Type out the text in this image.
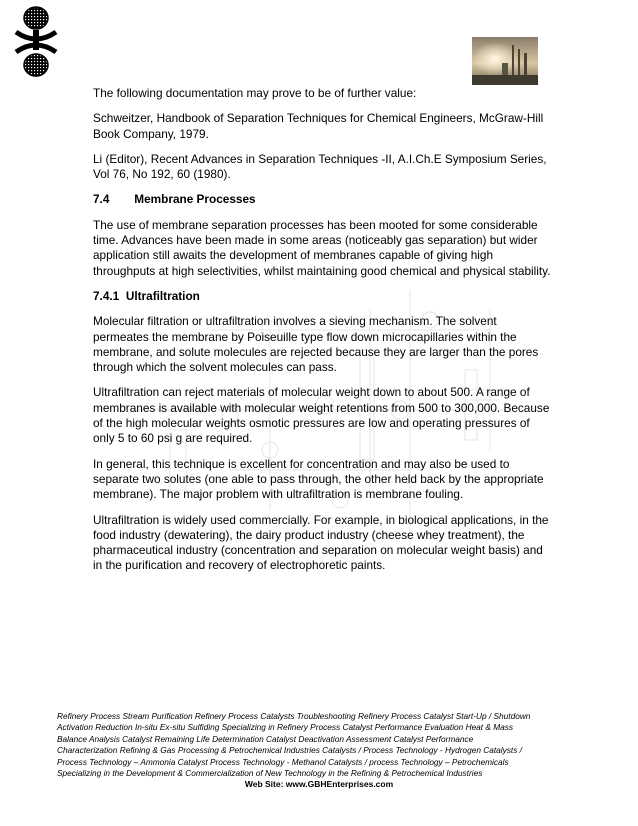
The following documentation may prove to be of further value:

Schweitzer, Handbook of Separation Techniques for Chemical Engineers, McGraw-Hill Book Company, 1979.

Li (Editor), Recent Advances in Separation Techniques -II, A.I.Ch.E Symposium Series, Vol 76, No 192, 60 (1980).

7.4 Membrane Processes

The use of membrane separation processes has been mooted for some considerable time. Advances have been made in some areas (noticeably gas separation) but wider application still awaits the development of membranes capable of giving high throughputs at high selectivities, whilst maintaining good chemical and physical stability.

7.4.1 Ultrafiltration

Molecular filtration or ultrafiltration involves a sieving mechanism. The solvent permeates the membrane by Poiseuille type flow down microcapillaries within the membrane, and solute molecules are rejected because they are larger than the pores through which the solvent molecules can pass.

Ultrafiltration can reject materials of molecular weight down to about 500. A range of membranes is available with molecular weight retentions from 500 to 300,000. Because of the high molecular weights osmotic pressures are low and operating pressures of only 5 to 60 psi g are required.

In general, this technique is excellent for concentration and may also be used to separate two solutes (one able to pass through, the other held back by the appropriate membrane). The major problem with ultrafiltration is membrane fouling.

Ultrafiltration is widely used commercially. For example, in biological applications, in the food industry (dewatering), the dairy product industry (cheese whey treatment), the pharmaceutical industry (concentration and separation on molecular weight basis) and in the purification and recovery of electrophoretic paints.

Refinery Process Stream Purification Refinery Process Catalysts Troubleshooting Refinery Process Catalyst Start-Up / Shutdown

Activation Reduction In-situ Ex-situ Sulfiding Specializing in Refinery Process Catalyst Performance Evaluation Heat & Mass

Balance Analysis Catalyst Remaining Life Determination Catalyst Deactivation Assessment Catalyst Performance

Characterization Refining & Gas Processing & Petrochemical Industries Catalysts / Process Technology - Hydrogen Catalysts /

Process Technology – Ammonia Catalyst Process Technology - Methanol Catalysts / process Technology – Petrochemicals

Specializing in the Development & Commercialization of New Technology in the Refining & Petrochemical Industries

Web Site: www.GBHEnterprises.com
